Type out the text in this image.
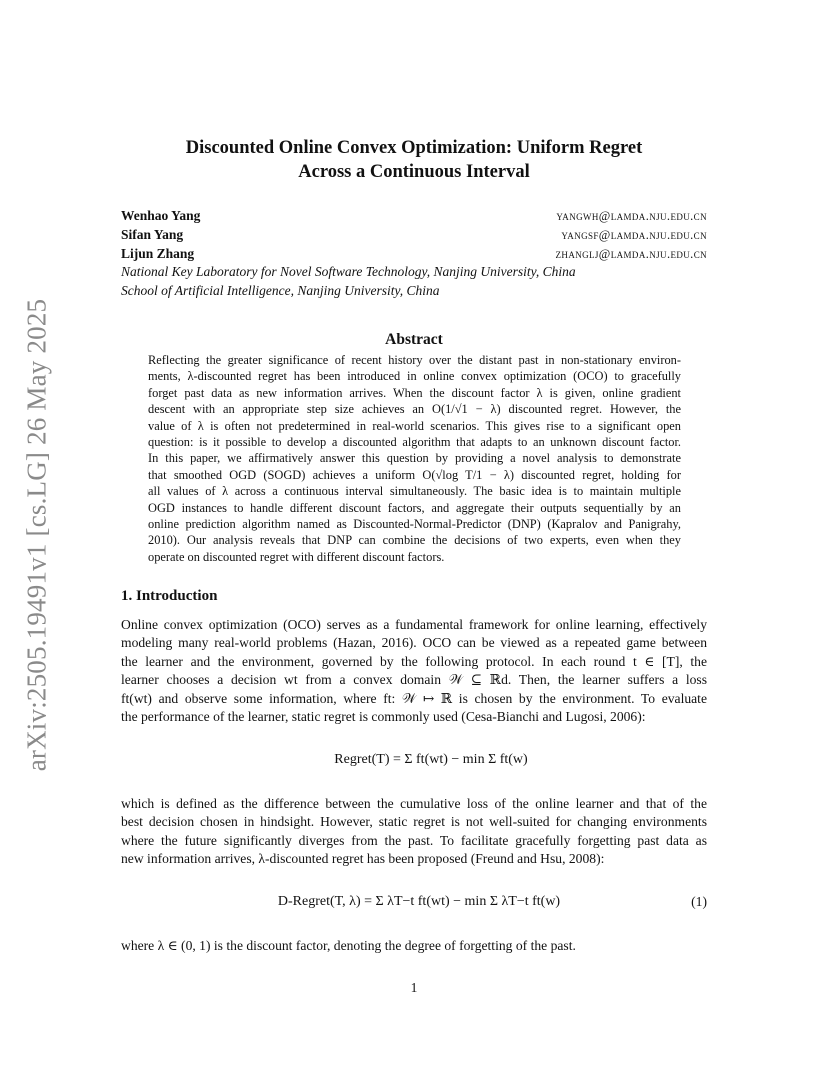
arXiv:2505.19491v1 [cs.LG] 26 May 2025
Discounted Online Convex Optimization: Uniform Regret
Across a Continuous Interval
Wenhao Yang	yangwh@lamda.nju.edu.cn
Sifan Yang	yangsf@lamda.nju.edu.cn
Lijun Zhang	zhanglj@lamda.nju.edu.cn
National Key Laboratory for Novel Software Technology, Nanjing University, China
School of Artificial Intelligence, Nanjing University, China
Abstract
Reflecting the greater significance of recent history over the distant past in non-stationary environ-
ments, λ-discounted regret has been introduced in online convex optimization (OCO) to gracefully
forget past data as new information arrives. When the discount factor λ is given, online gradient
descent with an appropriate step size achieves an O(1/√1 − λ) discounted regret. However, the
value of λ is often not predetermined in real-world scenarios. This gives rise to a significant open
question: is it possible to develop a discounted algorithm that adapts to an unknown discount factor.
In this paper, we affirmatively answer this question by providing a novel analysis to demonstrate
that smoothed OGD (SOGD) achieves a uniform O(√log T/1 − λ) discounted regret, holding for
all values of λ across a continuous interval simultaneously. The basic idea is to maintain multiple
OGD instances to handle different discount factors, and aggregate their outputs sequentially by an
online prediction algorithm named as Discounted-Normal-Predictor (DNP) (Kapralov and Panigrahy,
2010). Our analysis reveals that DNP can combine the decisions of two experts, even when they
operate on discounted regret with different discount factors.
1. Introduction
Online convex optimization (OCO) serves as a fundamental framework for online learning, effectively
modeling many real-world problems (Hazan, 2016). OCO can be viewed as a repeated game between
the learner and the environment, governed by the following protocol. In each round t ∈ [T], the
learner chooses a decision wt from a convex domain 𝒲 ⊆ ℝd. Then, the learner suffers a loss
ft(wt) and observe some information, where ft: 𝒲 ↦ ℝ is chosen by the environment. To evaluate
the performance of the learner, static regret is commonly used (Cesa-Bianchi and Lugosi, 2006):
Regret(T) = Σ ft(wt) − min Σ ft(w)
which is defined as the difference between the cumulative loss of the online learner and that of the
best decision chosen in hindsight. However, static regret is not well-suited for changing environments
where the future significantly diverges from the past. To facilitate gracefully forgetting past data as
new information arrives, λ-discounted regret has been proposed (Freund and Hsu, 2008):
D-Regret(T, λ) = Σ λT−t ft(wt) − min Σ λT−t ft(w)	(1)
where λ ∈ (0, 1) is the discount factor, denoting the degree of forgetting of the past.
1
